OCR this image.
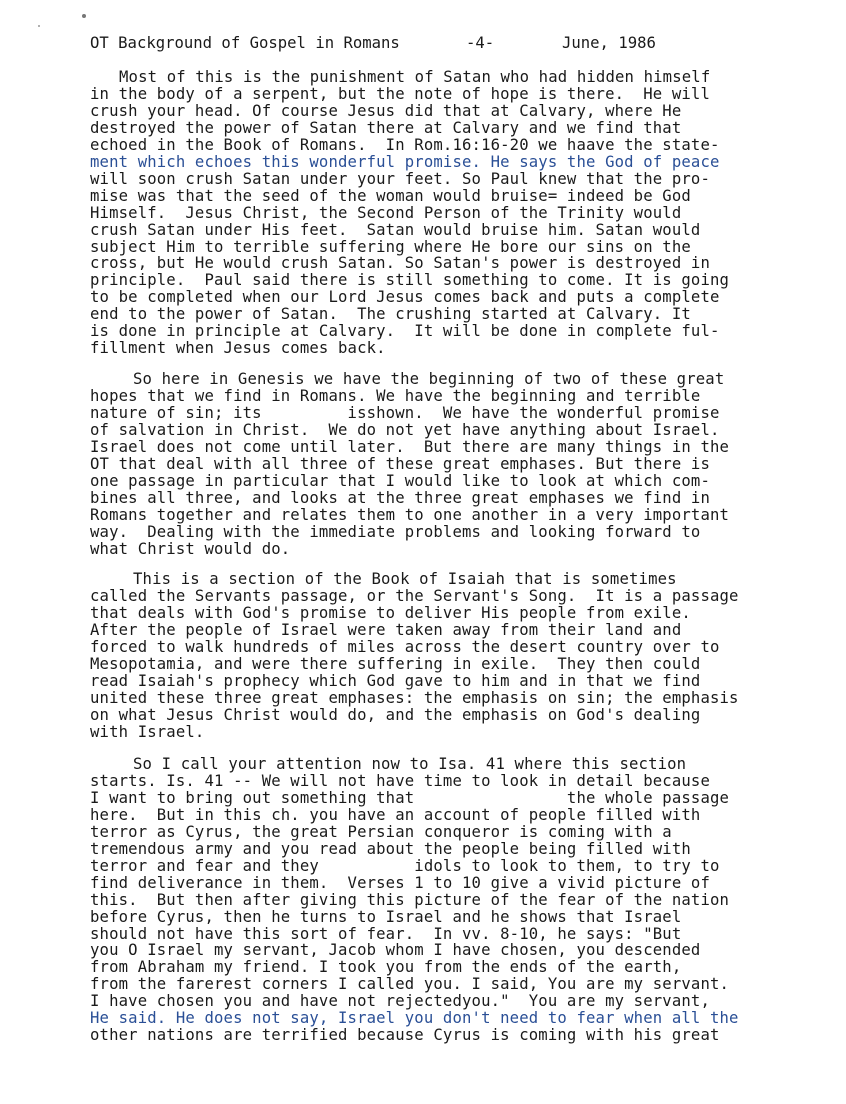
OT Background of Gospel in Romans	-4-	June, 1986
Most of this is the punishment of Satan who had hidden himself
in the body of a serpent, but the note of hope is there.  He will
crush your head. Of course Jesus did that at Calvary, where He
destroyed the power of Satan there at Calvary and we find that
echoed in the Book of Romans.  In Rom.16:16-20 we haave the state-
ment which echoes this wonderful promise. He says the God of peace
will soon crush Satan under your feet. So Paul knew that the pro-
mise was that the seed of the woman would bruise= indeed be God
Himself.  Jesus Christ, the Second Person of the Trinity would
crush Satan under His feet.  Satan would bruise him. Satan would
subject Him to terrible suffering where He bore our sins on the
cross, but He would crush Satan. So Satan's power is destroyed in
principle.  Paul said there is still something to come. It is going
to be completed when our Lord Jesus comes back and puts a complete
end to the power of Satan.  The crushing started at Calvary. It
is done in principle at Calvary.  It will be done in complete ful-
fillment when Jesus comes back.
So here in Genesis we have the beginning of two of these great
hopes that we find in Romans. We have the beginning and terrible
nature of sin; its         isshown.  We have the wonderful promise
of salvation in Christ.  We do not yet have anything about Israel.
Israel does not come until later.  But there are many things in the
OT that deal with all three of these great emphases. But there is
one passage in particular that I would like to look at which com-
bines all three, and looks at the three great emphases we find in
Romans together and relates them to one another in a very important
way.  Dealing with the immediate problems and looking forward to
what Christ would do.
This is a section of the Book of Isaiah that is sometimes
called the Servants passage, or the Servant's Song.  It is a passage
that deals with God's promise to deliver His people from exile.
After the people of Israel were taken away from their land and
forced to walk hundreds of miles across the desert country over to
Mesopotamia, and were there suffering in exile.  They then could
read Isaiah's prophecy which God gave to him and in that we find
united these three great emphases: the emphasis on sin; the emphasis
on what Jesus Christ would do, and the emphasis on God's dealing
with Israel.
So I call your attention now to Isa. 41 where this section
starts. Is. 41 -- We will not have time to look in detail because
I want to bring out something that                the whole passage
here.  But in this ch. you have an account of people filled with
terror as Cyrus, the great Persian conqueror is coming with a
tremendous army and you read about the people being filled with
terror and fear and they          idols to look to them, to try to
find deliverance in them.  Verses 1 to 10 give a vivid picture of
this.  But then after giving this picture of the fear of the nation
before Cyrus, then he turns to Israel and he shows that Israel
should not have this sort of fear.  In vv. 8-10, he says: "But
you O Israel my servant, Jacob whom I have chosen, you descended
from Abraham my friend. I took you from the ends of the earth,
from the farerest corners I called you. I said, You are my servant.
I have chosen you and have not rejectedyou."  You are my servant,
He said. He does not say, Israel you don't need to fear when all the
other nations are terrified because Cyrus is coming with his great
